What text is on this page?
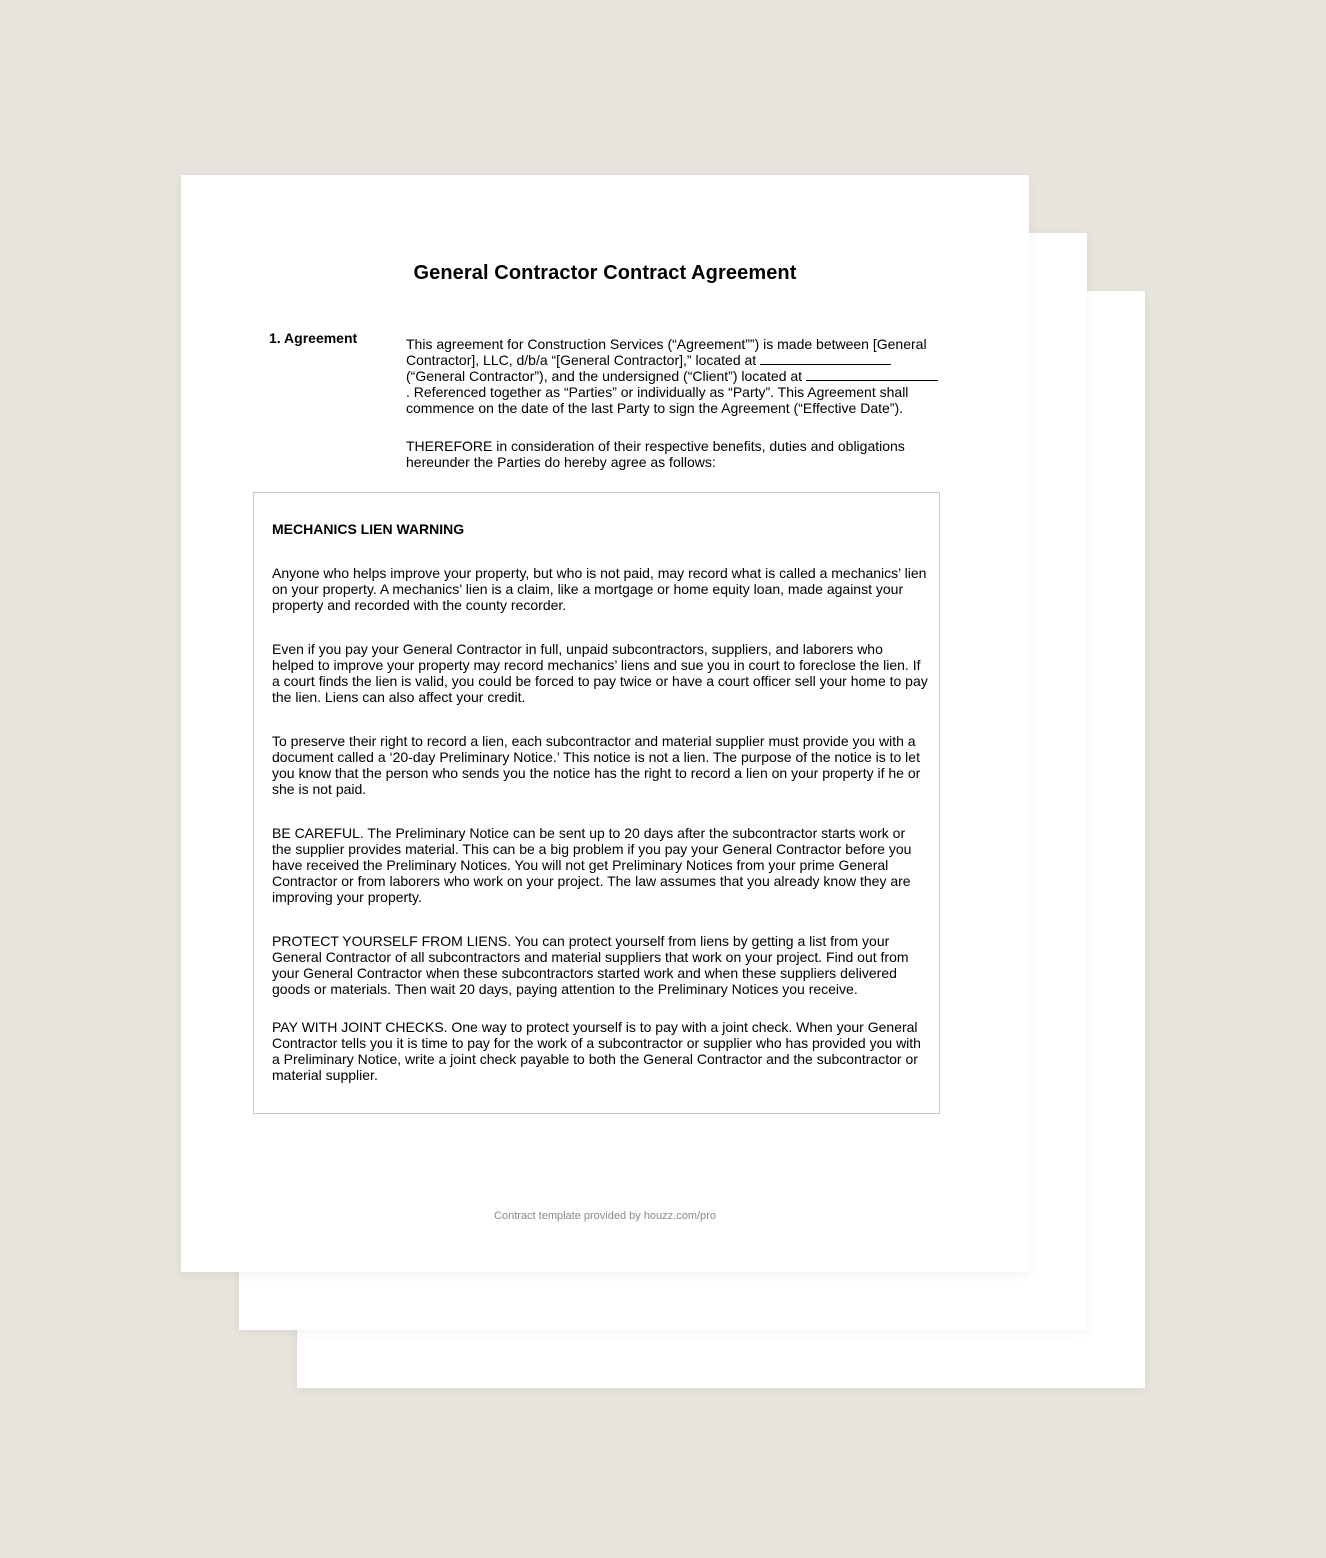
General Contractor Contract Agreement
1. Agreement	This agreement for Construction Services (“Agreement””) is made between [General Contractor], LLC, d/b/a “[General Contractor],” located at  (“General Contractor”), and the undersigned (“Client”) located at . Referenced together as “Parties” or individually as “Party”. This Agreement shall commence on the date of the last Party to sign the Agreement (“Effective Date”).

THEREFORE in consideration of their respective benefits, duties and obligations hereunder the Parties do hereby agree as follows:

MECHANICS LIEN WARNING

Anyone who helps improve your property, but who is not paid, may record what is called a mechanics’ lien on your property. A mechanics’ lien is a claim, like a mortgage or home equity loan, made against your property and recorded with the county recorder.

Even if you pay your General Contractor in full, unpaid subcontractors, suppliers, and laborers who helped to improve your property may record mechanics’ liens and sue you in court to foreclose the lien. If a court finds the lien is valid, you could be forced to pay twice or have a court officer sell your home to pay the lien. Liens can also affect your credit.

To preserve their right to record a lien, each subcontractor and material supplier must provide you with a document called a ‘20-day Preliminary Notice.’ This notice is not a lien. The purpose of the notice is to let you know that the person who sends you the notice has the right to record a lien on your property if he or she is not paid.

BE CAREFUL. The Preliminary Notice can be sent up to 20 days after the subcontractor starts work or the supplier provides material. This can be a big problem if you pay your General Contractor before you have received the Preliminary Notices. You will not get Preliminary Notices from your prime General Contractor or from laborers who work on your project. The law assumes that you already know they are improving your property.

PROTECT YOURSELF FROM LIENS. You can protect yourself from liens by getting a list from your General Contractor of all subcontractors and material suppliers that work on your project. Find out from your General Contractor when these subcontractors started work and when these suppliers delivered goods or materials. Then wait 20 days, paying attention to the Preliminary Notices you receive.

PAY WITH JOINT CHECKS. One way to protect yourself is to pay with a joint check. When your General Contractor tells you it is time to pay for the work of a subcontractor or supplier who has provided you with a Preliminary Notice, write a joint check payable to both the General Contractor and the subcontractor or material supplier.

Contract template provided by houzz.com/pro
